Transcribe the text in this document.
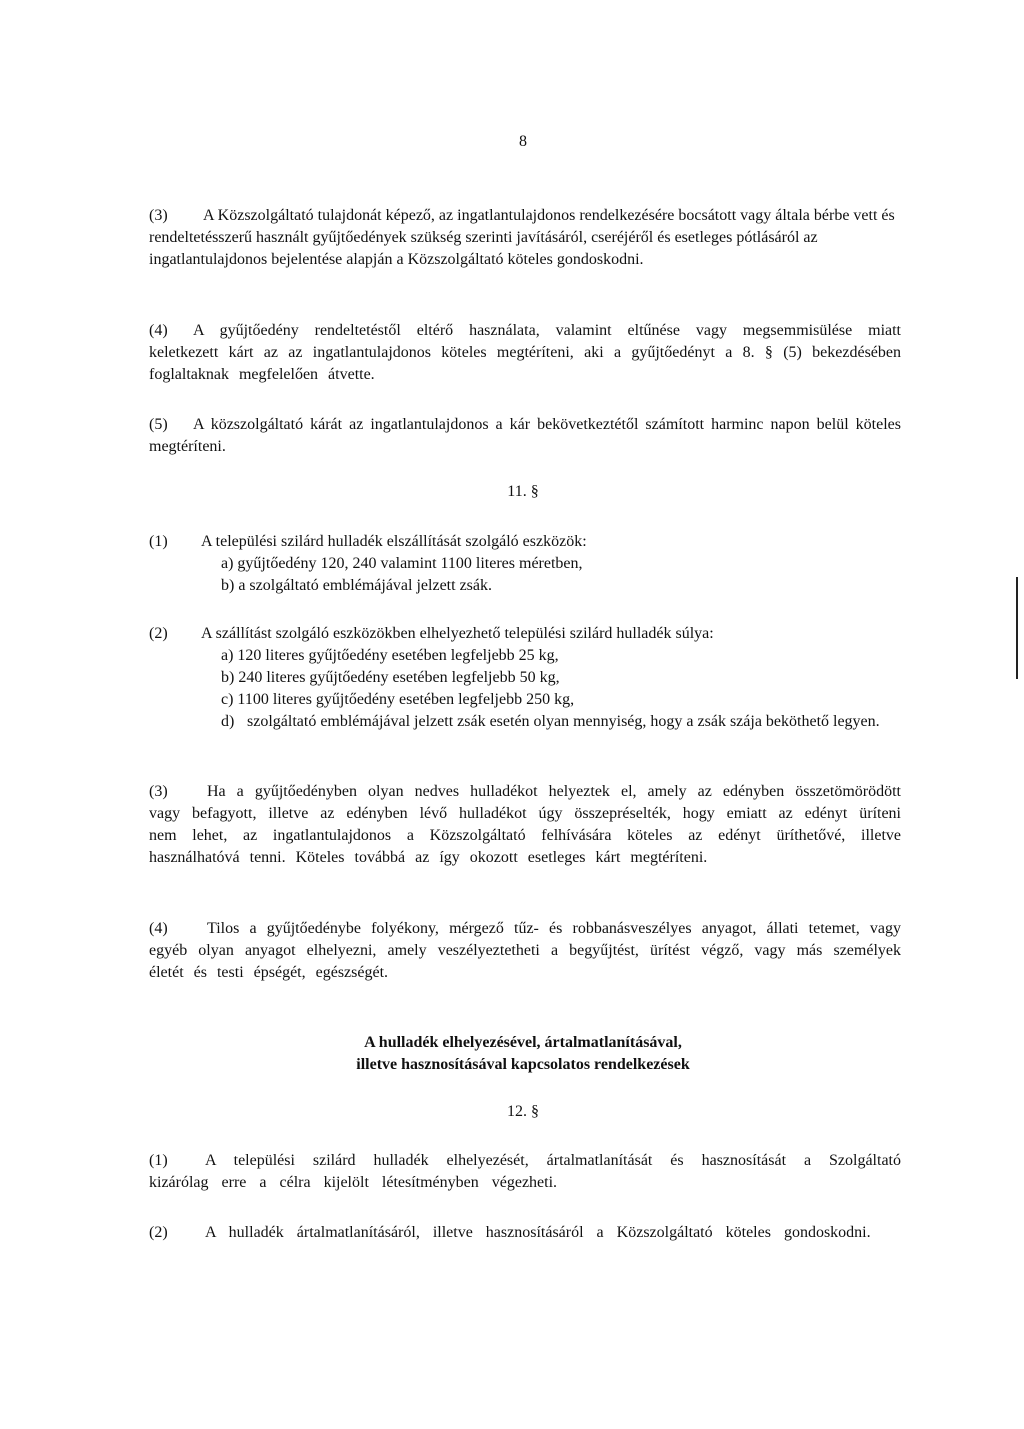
8
(3) A Közszolgáltató tulajdonát képező, az ingatlantulajdonos rendelkezésére bocsátott vagy általa bérbe vett és rendeltetésszerű használt gyűjtőedények szükség szerinti javításáról, cseréjéről és esetleges pótlásáról az ingatlantulajdonos bejelentése alapján a Közszolgáltató köteles gondoskodni.
(4) A gyűjtőedény rendeltetéstől eltérő használata, valamint eltűnése vagy megsemmisülése miatt keletkezett kárt az az ingatlantulajdonos köteles megtéríteni, aki a gyűjtőedényt a 8. § (5) bekezdésében foglaltaknak megfelelően átvette.
(5) A közszolgáltató kárát az ingatlantulajdonos a kár bekövetkeztétől számított harminc napon belül köteles megtéríteni.
11. §
(1) A települési szilárd hulladék elszállítását szolgáló eszközök:
a) gyűjtőedény 120, 240 valamint 1100 literes méretben,
b) a szolgáltató emblémájával jelzett zsák.
(2) A szállítást szolgáló eszközökben elhelyezhető települési szilárd hulladék súlya:
a) 120 literes gyűjtőedény esetében legfeljebb 25 kg,
b) 240 literes gyűjtőedény esetében legfeljebb 50 kg,
c) 1100 literes gyűjtőedény esetében legfeljebb 250 kg,
d) szolgáltató emblémájával jelzett zsák esetén olyan mennyiség, hogy a zsák szája beköthető legyen.
(3) Ha a gyűjtőedényben olyan nedves hulladékot helyeztek el, amely az edényben összetömörödött vagy befagyott, illetve az edényben lévő hulladékot úgy összepréselték, hogy emiatt az edényt üríteni nem lehet, az ingatlantulajdonos a Közszolgáltató felhívására köteles az edényt üríthetővé, illetve használhatóvá tenni. Köteles továbbá az így okozott esetleges kárt megtéríteni.
(4) Tilos a gyűjtőedénybe folyékony, mérgező tűz- és robbanásveszélyes anyagot, állati tetemet, vagy egyéb olyan anyagot elhelyezni, amely veszélyeztetheti a begyűjtést, ürítést végző, vagy más személyek életét és testi épségét, egészségét.
A hulladék elhelyezésével, ártalmatlanításával,
illetve hasznosításával kapcsolatos rendelkezések
12. §
(1) A települési szilárd hulladék elhelyezését, ártalmatlanítását és hasznosítását a Szolgáltató kizárólag erre a célra kijelölt létesítményben végezheti.
(2) A hulladék ártalmatlanításáról, illetve hasznosításáról a Közszolgáltató köteles gondoskodni.
